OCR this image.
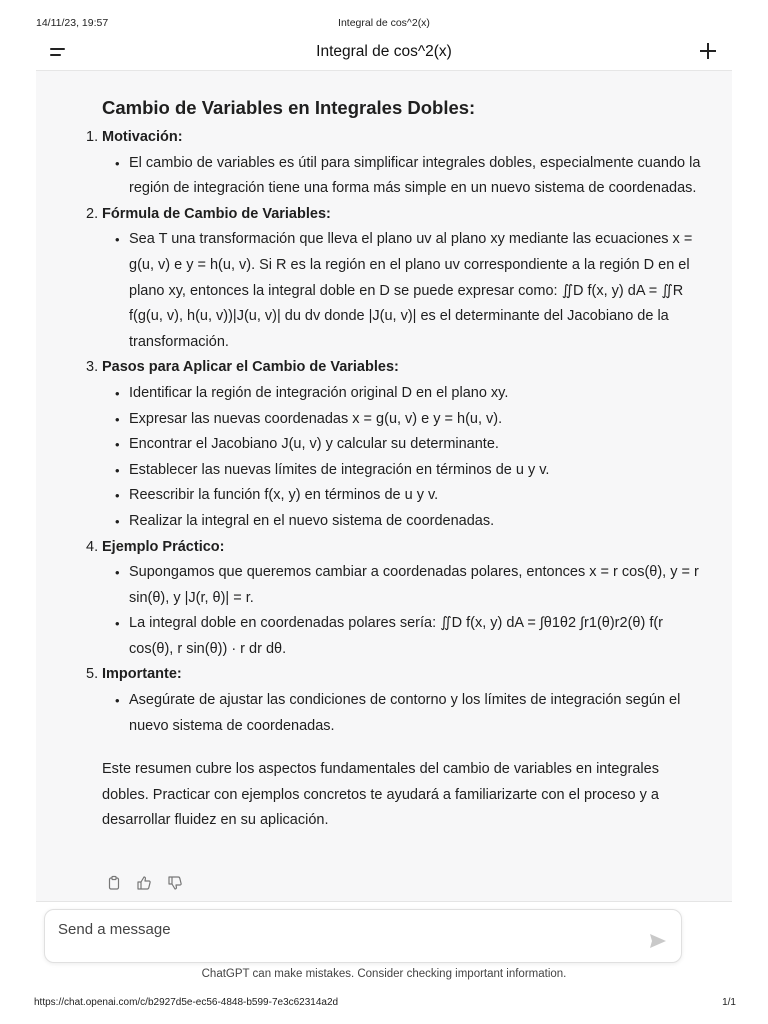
14/11/23, 19:57	Integral de cos^2(x)
Integral de cos^2(x)
Cambio de Variables en Integrales Dobles:
1. Motivación:
• El cambio de variables es útil para simplificar integrales dobles, especialmente cuando la región de integración tiene una forma más simple en un nuevo sistema de coordenadas.
2. Fórmula de Cambio de Variables:
• Sea T una transformación que lleva el plano uv al plano xy mediante las ecuaciones x = g(u, v) e y = h(u, v). Si R es la región en el plano uv correspondiente a la región D en el plano xy, entonces la integral doble en D se puede expresar como: ∬D f(x, y) dA = ∬R f(g(u, v), h(u, v))|J(u, v)| du dv donde |J(u, v)| es el determinante del Jacobiano de la transformación.
3. Pasos para Aplicar el Cambio de Variables:
• Identificar la región de integración original D en el plano xy.
• Expresar las nuevas coordenadas x = g(u, v) e y = h(u, v).
• Encontrar el Jacobiano J(u, v) y calcular su determinante.
• Establecer las nuevas límites de integración en términos de u y v.
• Reescribir la función f(x, y) en términos de u y v.
• Realizar la integral en el nuevo sistema de coordenadas.
4. Ejemplo Práctico:
• Supongamos que queremos cambiar a coordenadas polares, entonces x = r cos(θ), y = r sin(θ), y |J(r, θ)| = r.
• La integral doble en coordenadas polares sería: ∬D f(x, y) dA = ∫θ1θ2 ∫r1(θ)r2(θ) f(r cos(θ), r sin(θ)) · r dr dθ.
5. Importante:
• Asegúrate de ajustar las condiciones de contorno y los límites de integración según el nuevo sistema de coordenadas.

Este resumen cubre los aspectos fundamentales del cambio de variables en integrales dobles. Practicar con ejemplos concretos te ayudará a familiarizarte con el proceso y a desarrollar fluidez en su aplicación.

Send a message
ChatGPT can make mistakes. Consider checking important information.
https://chat.openai.com/c/b2927d5e-ec56-4848-b599-7e3c62314a2d	1/1
